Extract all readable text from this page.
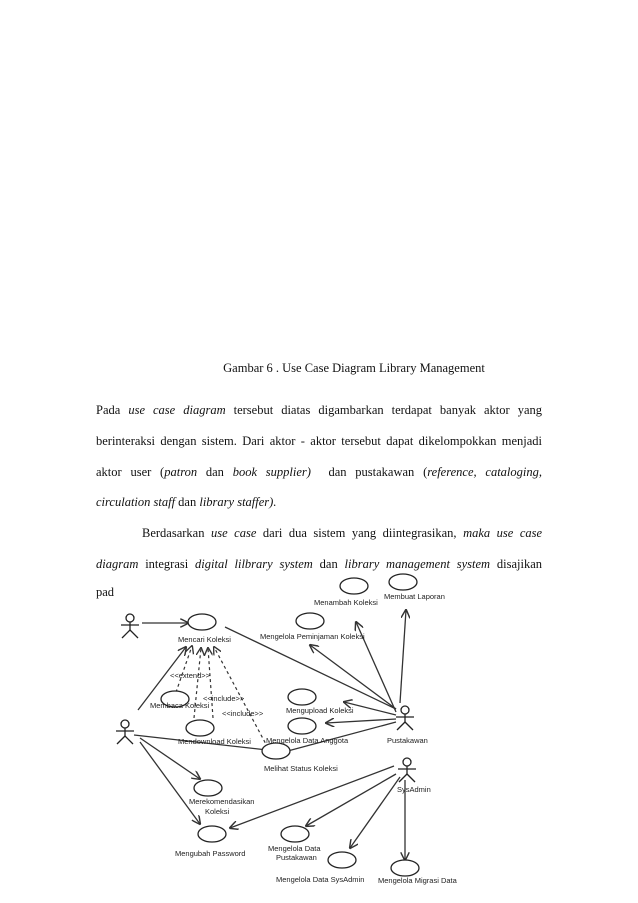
Gambar 6 . Use Case Diagram Library Management
Pada use case diagram tersebut diatas digambarkan terdapat banyak aktor yang
berinteraksi dengan sistem. Dari aktor - aktor tersebut dapat dikelompokkan menjadi
aktor user (patron dan book supplier)  dan pustakawan (reference, cataloging,
circulation staff dan library staffer).
Berdasarkan use case dari dua sistem yang diintegrasikan, maka use case
diagram integrasi digital lilbrary system dan library management system disajikan
pad
Pustakawan
SysAdmin
Mencari Koleksi
Menambah Koleksi
Membuat Laporan
Mengelola Peminjaman Koleksi
<<extend>>
<<include>>
<<include>>
Membaca Koleksi
Mengupload Koleksi
Mendownload Koleksi Mengelola Data Anggota
Melihat Status Koleksi
Merekomendasikan
Koleksi
Mengubah Password
Mengelola Data
Pustakawan
Mengelola Data SysAdmin Mengelola Migrasi Data
